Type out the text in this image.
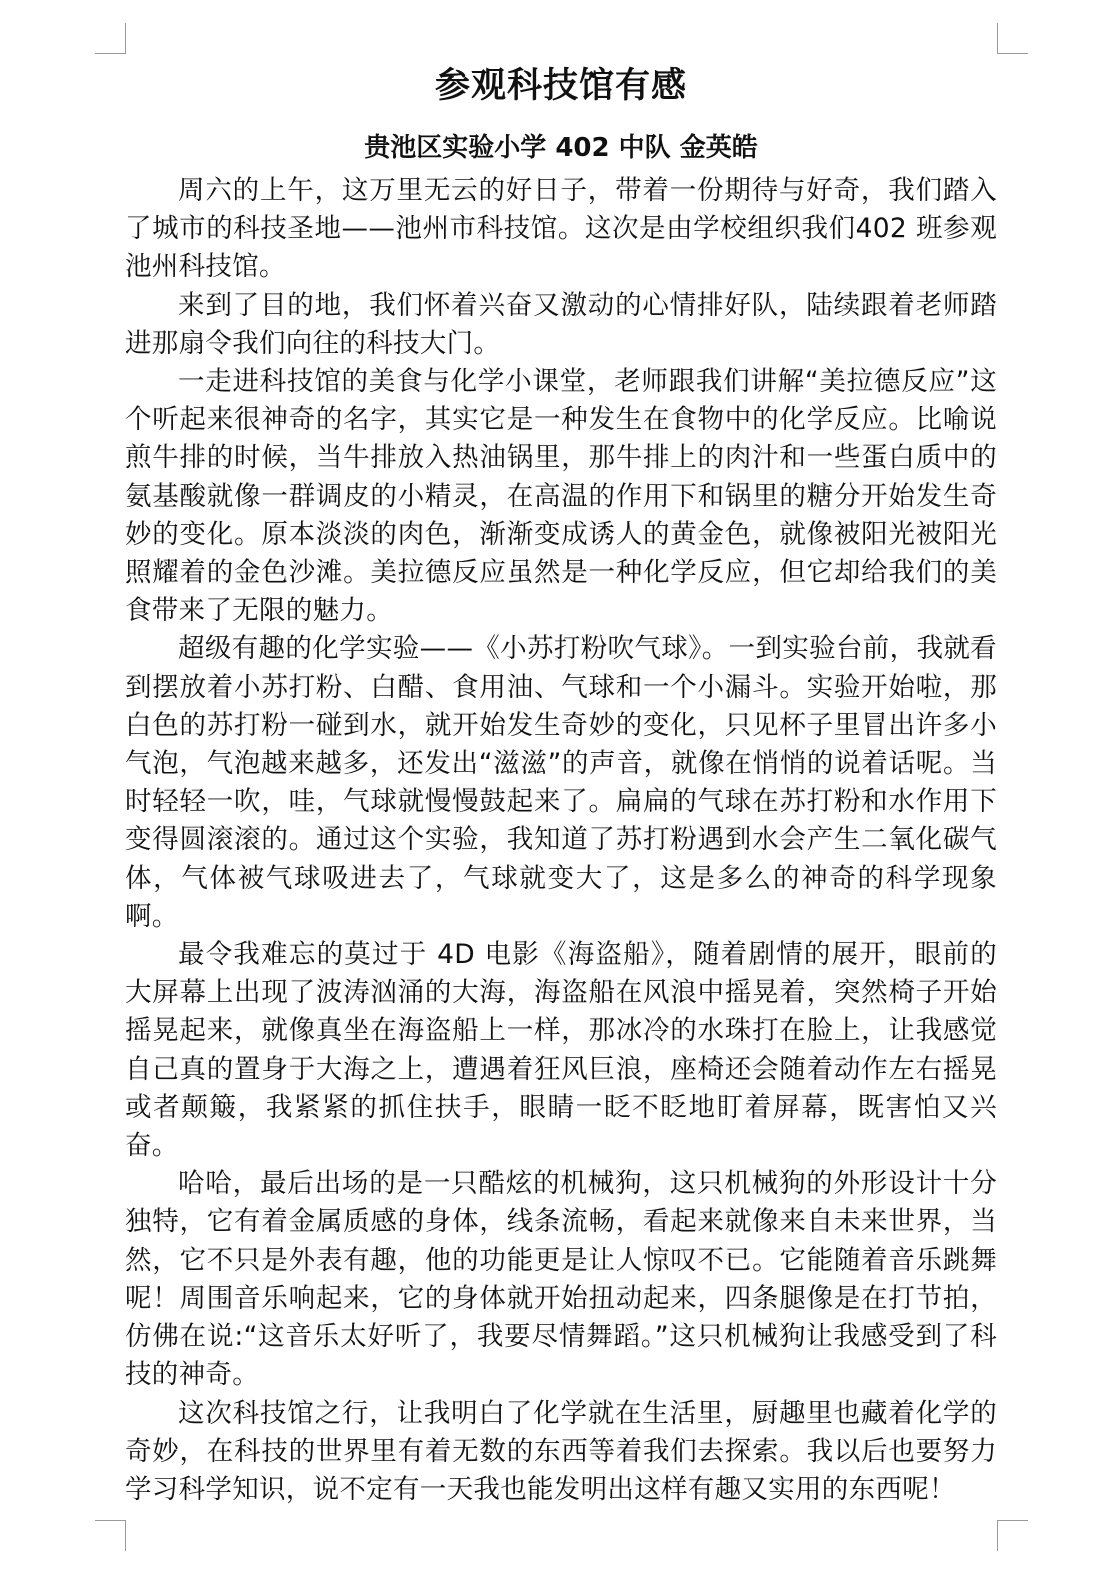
参观科技馆有感
贵池区实验小学 402 中队 金英皓

周六的上午，这万里无云的好日子，带着一份期待与好奇，我们踏入了城市的科技圣地——池州市科技馆。这次是由学校组织我们402 班参观池州科技馆。

来到了目的地，我们怀着兴奋又激动的心情排好队，陆续跟着老师踏进那扇令我们向往的科技大门。

一走进科技馆的美食与化学小课堂，老师跟我们讲解“美拉德反应”这个听起来很神奇的名字，其实它是一种发生在食物中的化学反应。比喻说煎牛排的时候，当牛排放入热油锅里，那牛排上的肉汁和一些蛋白质中的氨基酸就像一群调皮的小精灵，在高温的作用下和锅里的糖分开始发生奇妙的变化。原本淡淡的肉色，渐渐变成诱人的黄金色，就像被阳光被阳光照耀着的金色沙滩。美拉德反应虽然是一种化学反应，但它却给我们的美食带来了无限的魅力。

超级有趣的化学实验——《小苏打粉吹气球》。一到实验台前，我就看到摆放着小苏打粉、白醋、食用油、气球和一个小漏斗。实验开始啦，那白色的苏打粉一碰到水，就开始发生奇妙的变化，只见杯子里冒出许多小气泡，气泡越来越多，还发出“滋滋”的声音，就像在悄悄的说着话呢。当时轻轻一吹，哇，气球就慢慢鼓起来了。扁扁的气球在苏打粉和水作用下变得圆滚滚的。通过这个实验，我知道了苏打粉遇到水会产生二氧化碳气体，气体被气球吸进去了，气球就变大了，这是多么的神奇的科学现象啊。

最令我难忘的莫过于 4D 电影《海盗船》，随着剧情的展开，眼前的大屏幕上出现了波涛汹涌的大海，海盗船在风浪中摇晃着，突然椅子开始摇晃起来，就像真坐在海盗船上一样，那冰冷的水珠打在脸上，让我感觉自己真的置身于大海之上，遭遇着狂风巨浪，座椅还会随着动作左右摇晃或者颠簸，我紧紧的抓住扶手，眼睛一眨不眨地盯着屏幕，既害怕又兴奋。

哈哈，最后出场的是一只酷炫的机械狗，这只机械狗的外形设计十分独特，它有着金属质感的身体，线条流畅，看起来就像来自未来世界，当然，它不只是外表有趣，他的功能更是让人惊叹不已。它能随着音乐跳舞呢！周围音乐响起来，它的身体就开始扭动起来，四条腿像是在打节拍，仿佛在说:“这音乐太好听了，我要尽情舞蹈。”这只机械狗让我感受到了科技的神奇。

这次科技馆之行，让我明白了化学就在生活里，厨趣里也藏着化学的奇妙，在科技的世界里有着无数的东西等着我们去探索。我以后也要努力学习科学知识，说不定有一天我也能发明出这样有趣又实用的东西呢！
